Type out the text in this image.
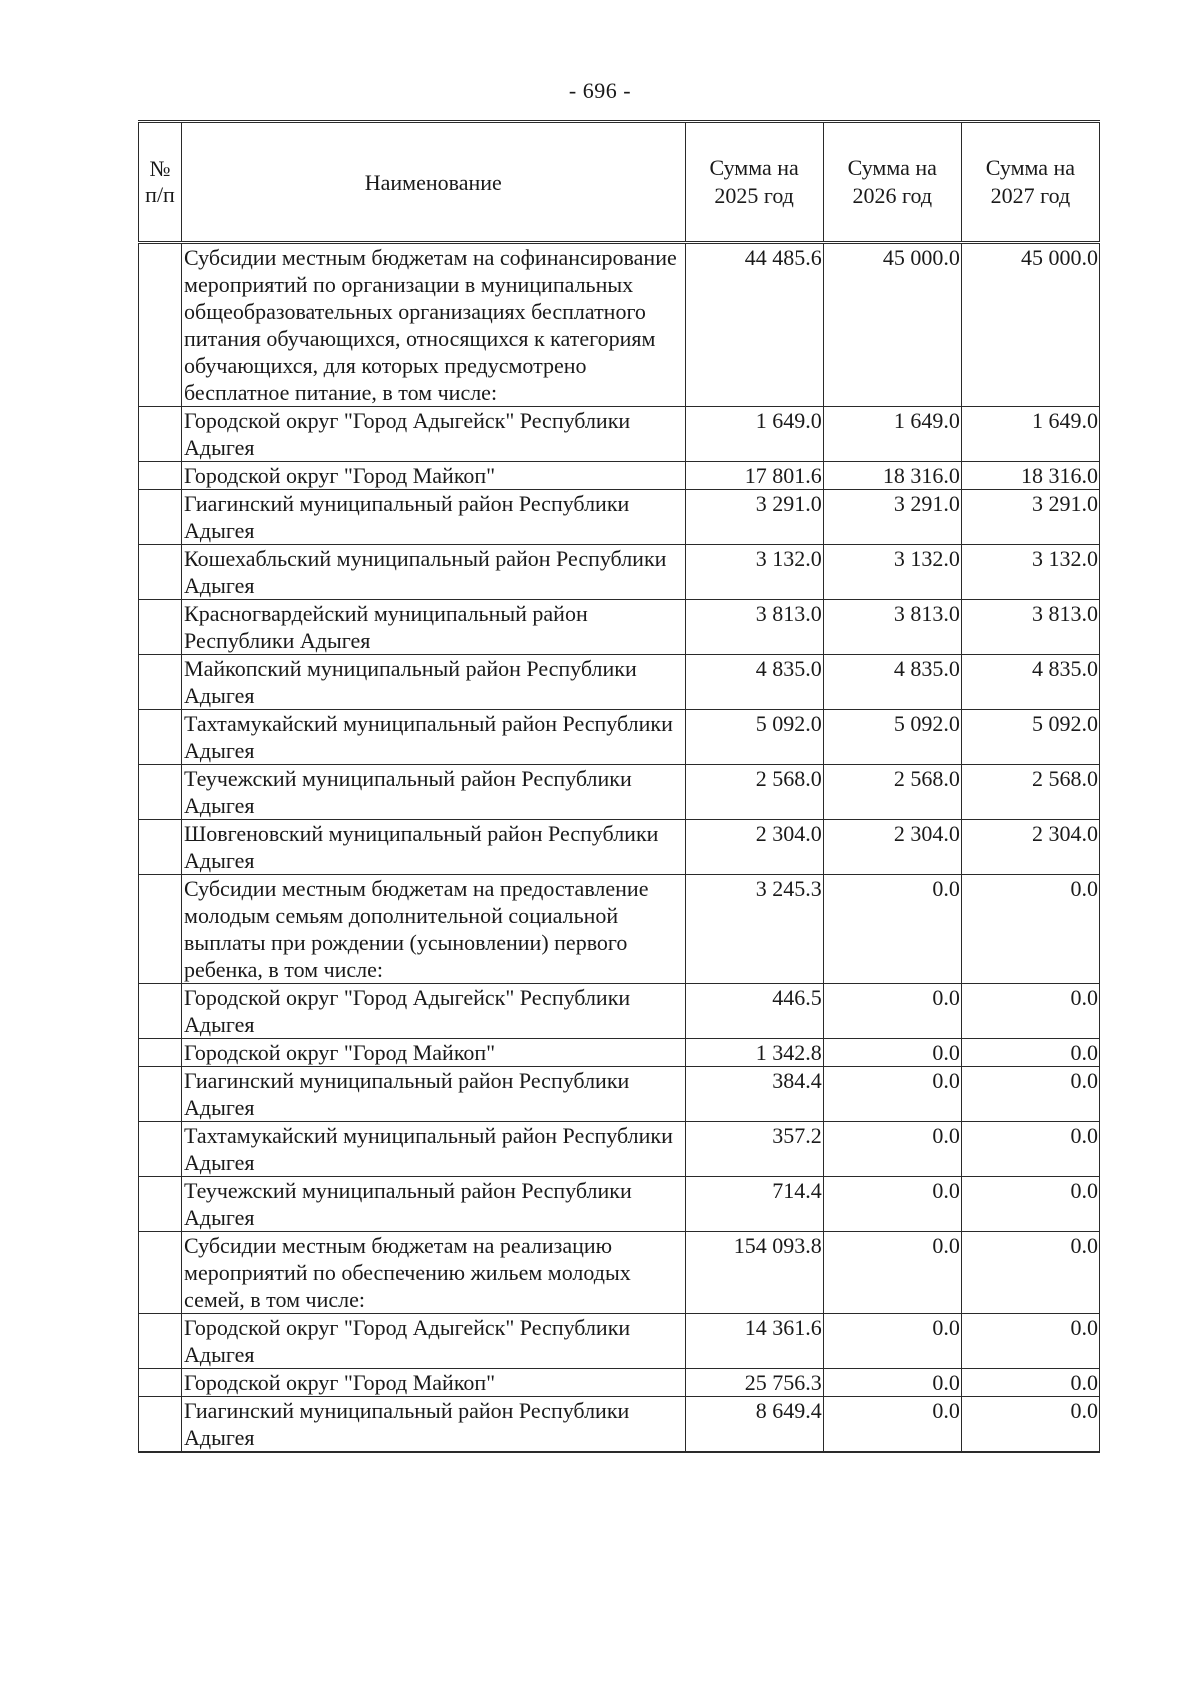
- 696 -
№ п/п	Наименование	Сумма на 2025 год	Сумма на 2026 год	Сумма на 2027 год
	Субсидии местным бюджетам на софинансирование мероприятий по организации в муниципальных общеобразовательных организациях бесплатного питания обучающихся, относящихся к категориям обучающихся, для которых предусмотрено бесплатное питание, в том числе:	44 485.6	45 000.0	45 000.0
	Городской округ "Город Адыгейск" Республики Адыгея	1 649.0	1 649.0	1 649.0
	Городской округ "Город Майкоп"	17 801.6	18 316.0	18 316.0
	Гиагинский муниципальный район Республики Адыгея	3 291.0	3 291.0	3 291.0
	Кошехабльский муниципальный район Республики Адыгея	3 132.0	3 132.0	3 132.0
	Красногвардейский муниципальный район Республики Адыгея	3 813.0	3 813.0	3 813.0
	Майкопский муниципальный район Республики Адыгея	4 835.0	4 835.0	4 835.0
	Тахтамукайский муниципальный район Республики Адыгея	5 092.0	5 092.0	5 092.0
	Теучежский муниципальный район Республики Адыгея	2 568.0	2 568.0	2 568.0
	Шовгеновский муниципальный район Республики Адыгея	2 304.0	2 304.0	2 304.0
	Субсидии местным бюджетам на предоставление молодым семьям дополнительной социальной выплаты при рождении (усыновлении) первого ребенка, в том числе:	3 245.3	0.0	0.0
	Городской округ "Город Адыгейск" Республики Адыгея	446.5	0.0	0.0
	Городской округ "Город Майкоп"	1 342.8	0.0	0.0
	Гиагинский муниципальный район Республики Адыгея	384.4	0.0	0.0
	Тахтамукайский муниципальный район Республики Адыгея	357.2	0.0	0.0
	Теучежский муниципальный район Республики Адыгея	714.4	0.0	0.0
	Субсидии местным бюджетам на реализацию мероприятий по обеспечению жильем молодых семей, в том числе:	154 093.8	0.0	0.0
	Городской округ "Город Адыгейск" Республики Адыгея	14 361.6	0.0	0.0
	Городской округ "Город Майкоп"	25 756.3	0.0	0.0
	Гиагинский муниципальный район Республики Адыгея	8 649.4	0.0	0.0
